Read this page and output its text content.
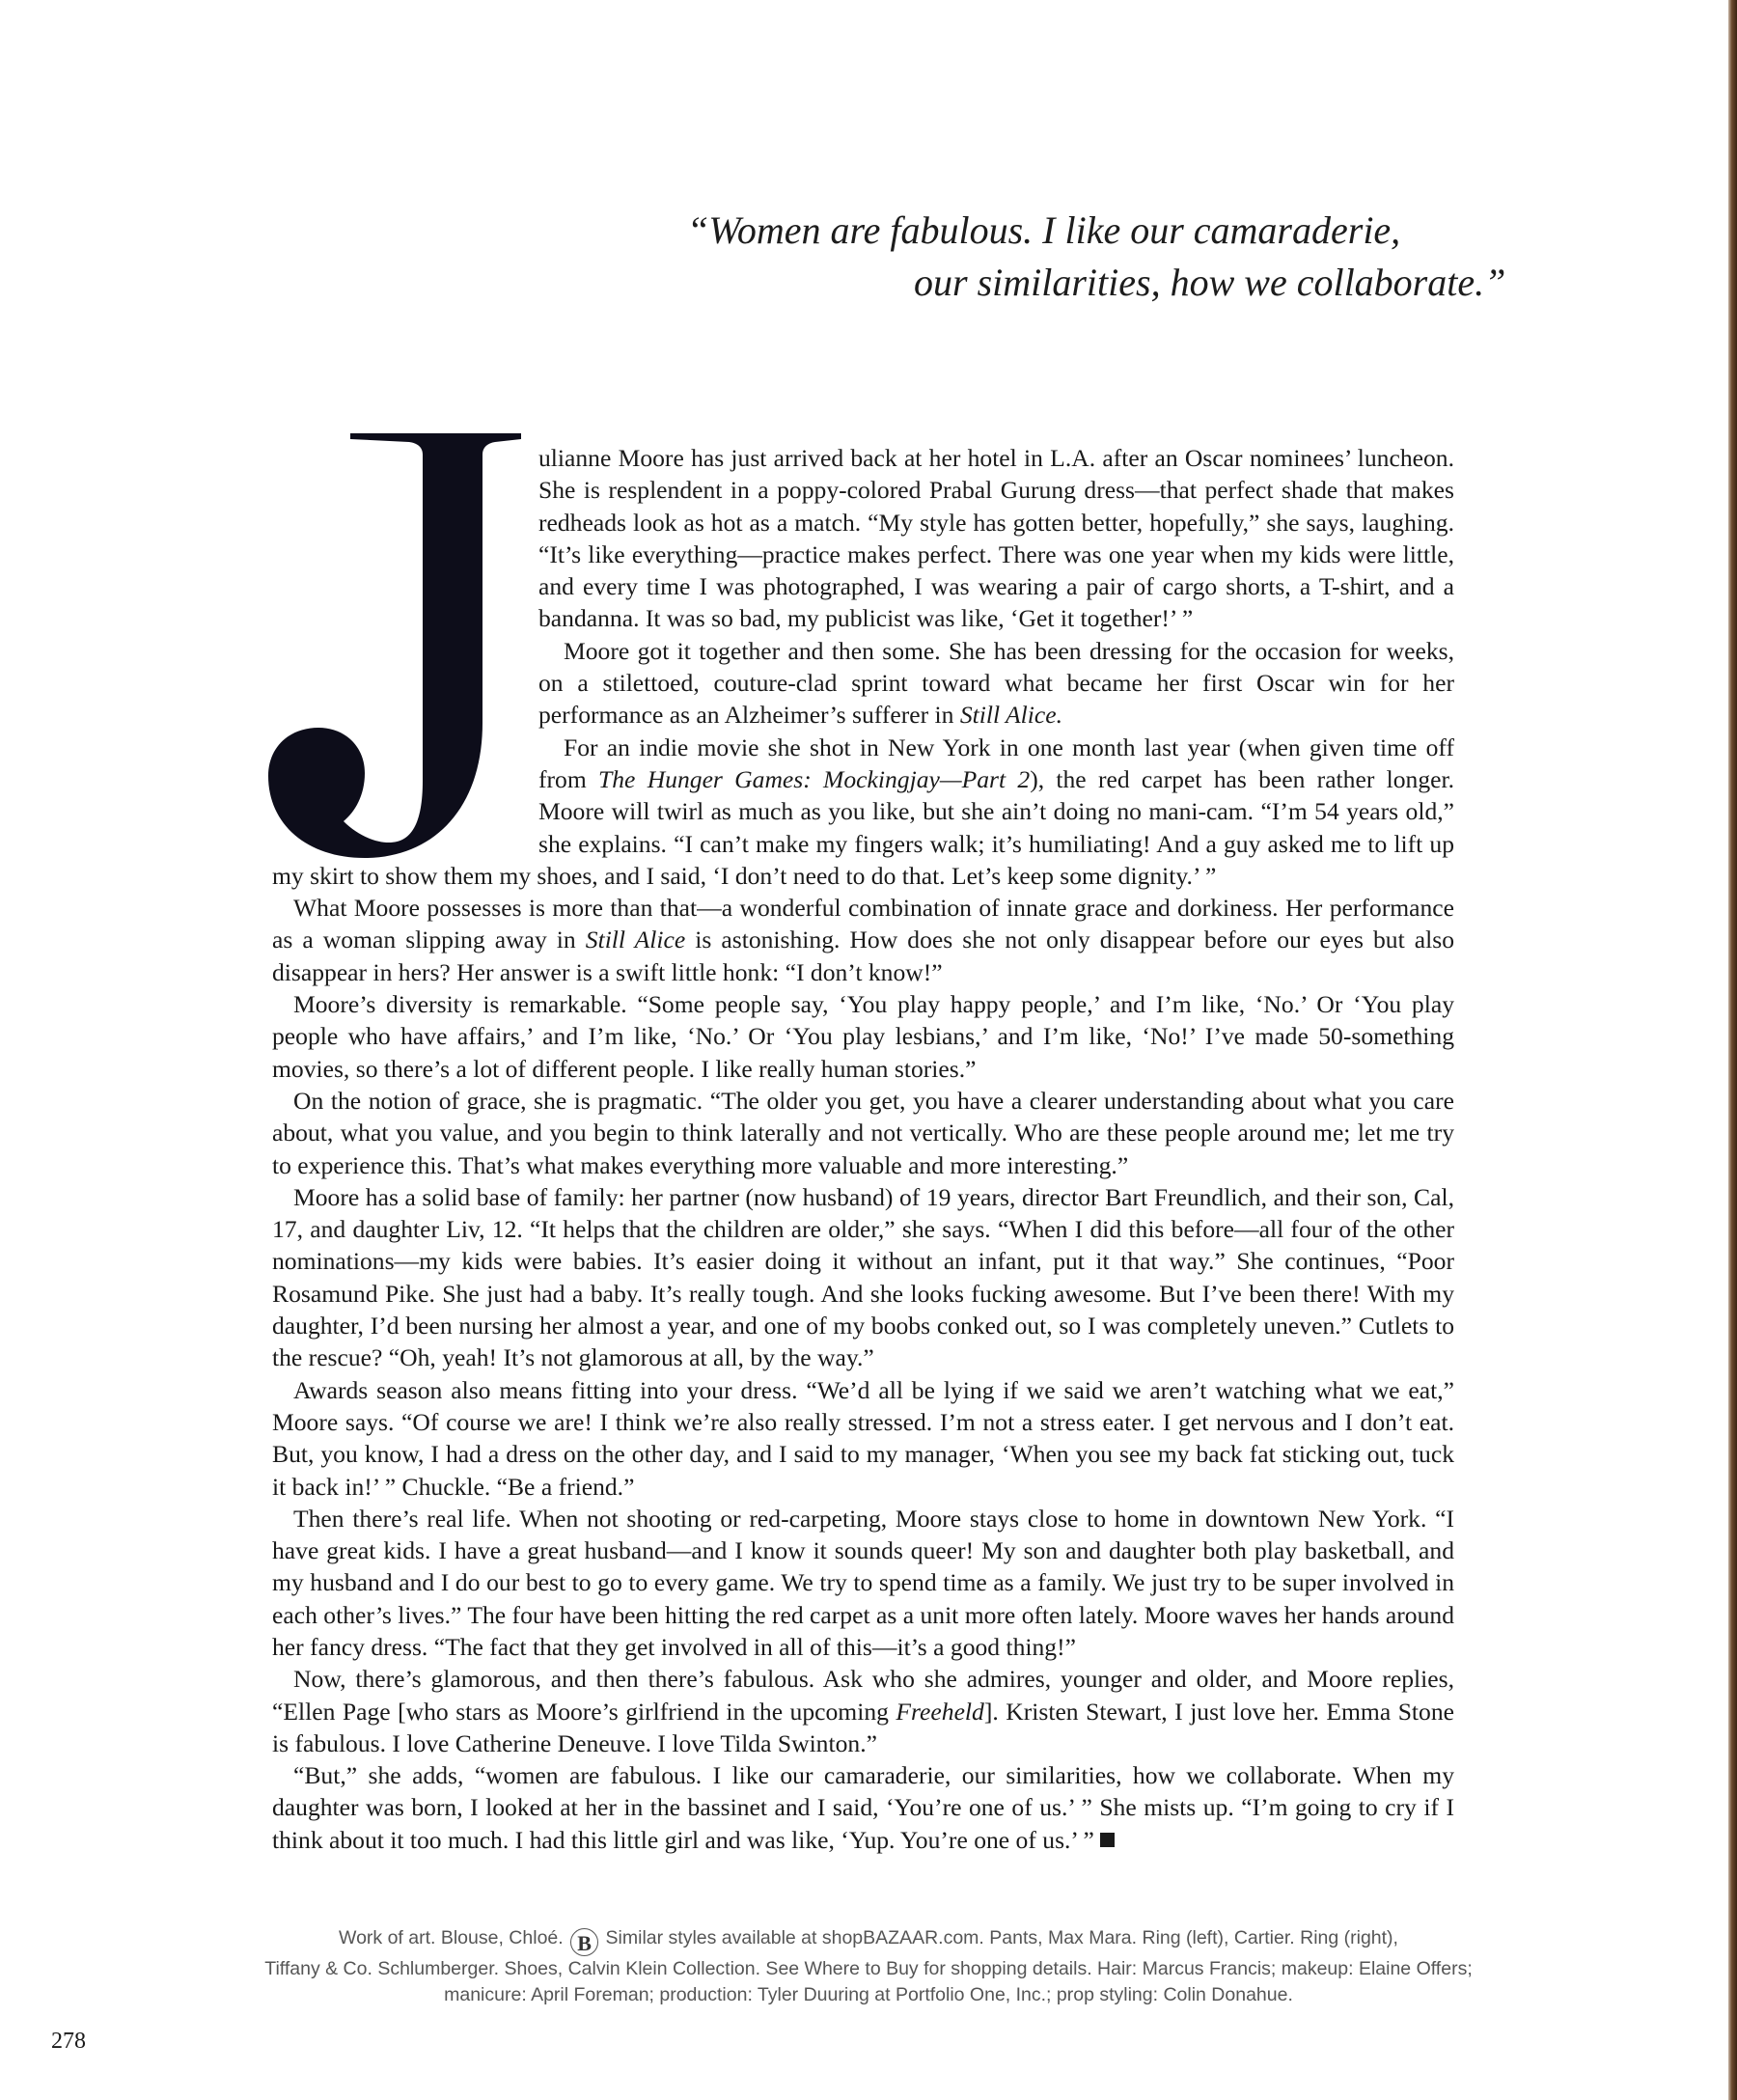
“Women are fabulous. I like our camaraderie,
our similarities, how we collaborate.”

ulianne Moore has just arrived back at her hotel in L.A. after an Oscar nominees’ luncheon. She is resplendent in a poppy-colored Prabal Gurung dress—that perfect shade that makes redheads look as hot as a match. “My style has gotten better, hopefully,” she says, laughing. “It’s like everything—practice makes perfect. There was one year when my kids were little, and every time I was photographed, I was wearing a pair of cargo shorts, a T-shirt, and a bandanna. It was so bad, my publicist was like, ‘Get it together!’ ”

Moore got it together and then some. She has been dressing for the occasion for weeks, on a stilettoed, couture-clad sprint toward what became her first Oscar win for her performance as an Alzheimer’s sufferer in Still Alice.

For an indie movie she shot in New York in one month last year (when given time off from The Hunger Games: Mockingjay—Part 2), the red carpet has been rather longer. Moore will twirl as much as you like, but she ain’t doing no mani-cam. “I’m 54 years old,” she explains. “I can’t make my fingers walk; it’s humiliating! And a guy asked me to lift up my skirt to show them my shoes, and I said, ‘I don’t need to do that. Let’s keep some dignity.’ ”

What Moore possesses is more than that—a wonderful combination of innate grace and dorkiness. Her performance as a woman slipping away in Still Alice is astonishing. How does she not only disappear before our eyes but also disappear in hers? Her answer is a swift little honk: “I don’t know!”

Moore’s diversity is remarkable. “Some people say, ‘You play happy people,’ and I’m like, ‘No.’ Or ‘You play people who have affairs,’ and I’m like, ‘No.’ Or ‘You play lesbians,’ and I’m like, ‘No!’ I’ve made 50-something movies, so there’s a lot of different people. I like really human stories.”

On the notion of grace, she is pragmatic. “The older you get, you have a clearer understanding about what you care about, what you value, and you begin to think laterally and not vertically. Who are these people around me; let me try to experience this. That’s what makes everything more valuable and more interesting.”

Moore has a solid base of family: her partner (now husband) of 19 years, director Bart Freundlich, and their son, Cal, 17, and daughter Liv, 12. “It helps that the children are older,” she says. “When I did this before—all four of the other nominations—my kids were babies. It’s easier doing it without an infant, put it that way.” She continues, “Poor Rosamund Pike. She just had a baby. It’s really tough. And she looks fucking awesome. But I’ve been there! With my daughter, I’d been nursing her almost a year, and one of my boobs conked out, so I was completely uneven.” Cutlets to the rescue? “Oh, yeah! It’s not glamorous at all, by the way.”

Awards season also means fitting into your dress. “We’d all be lying if we said we aren’t watching what we eat,” Moore says. “Of course we are! I think we’re also really stressed. I’m not a stress eater. I get nervous and I don’t eat. But, you know, I had a dress on the other day, and I said to my manager, ‘When you see my back fat sticking out, tuck it back in!’ ” Chuckle. “Be a friend.”

Then there’s real life. When not shooting or red-carpeting, Moore stays close to home in downtown New York. “I have great kids. I have a great husband—and I know it sounds queer! My son and daughter both play basketball, and my husband and I do our best to go to every game. We try to spend time as a family. We just try to be super involved in each other’s lives.” The four have been hitting the red carpet as a unit more often lately. Moore waves her hands around her fancy dress. “The fact that they get involved in all of this—it’s a good thing!”

Now, there’s glamorous, and then there’s fabulous. Ask who she admires, younger and older, and Moore replies, “Ellen Page [who stars as Moore’s girlfriend in the upcoming Freeheld]. Kristen Stewart, I just love her. Emma Stone is fabulous. I love Catherine Deneuve. I love Tilda Swinton.”

“But,” she adds, “women are fabulous. I like our camaraderie, our similarities, how we collaborate. When my daughter was born, I looked at her in the bassinet and I said, ‘You’re one of us.’ ” She mists up. “I’m going to cry if I think about it too much. I had this little girl and was like, ‘Yup. You’re one of us.’ ”

Work of art. Blouse, Chloé. B Similar styles available at shopBAZAAR.com. Pants, Max Mara. Ring (left), Cartier. Ring (right),
Tiffany & Co. Schlumberger. Shoes, Calvin Klein Collection. See Where to Buy for shopping details. Hair: Marcus Francis; makeup: Elaine Offers;
manicure: April Foreman; production: Tyler Duuring at Portfolio One, Inc.; prop styling: Colin Donahue.
278
